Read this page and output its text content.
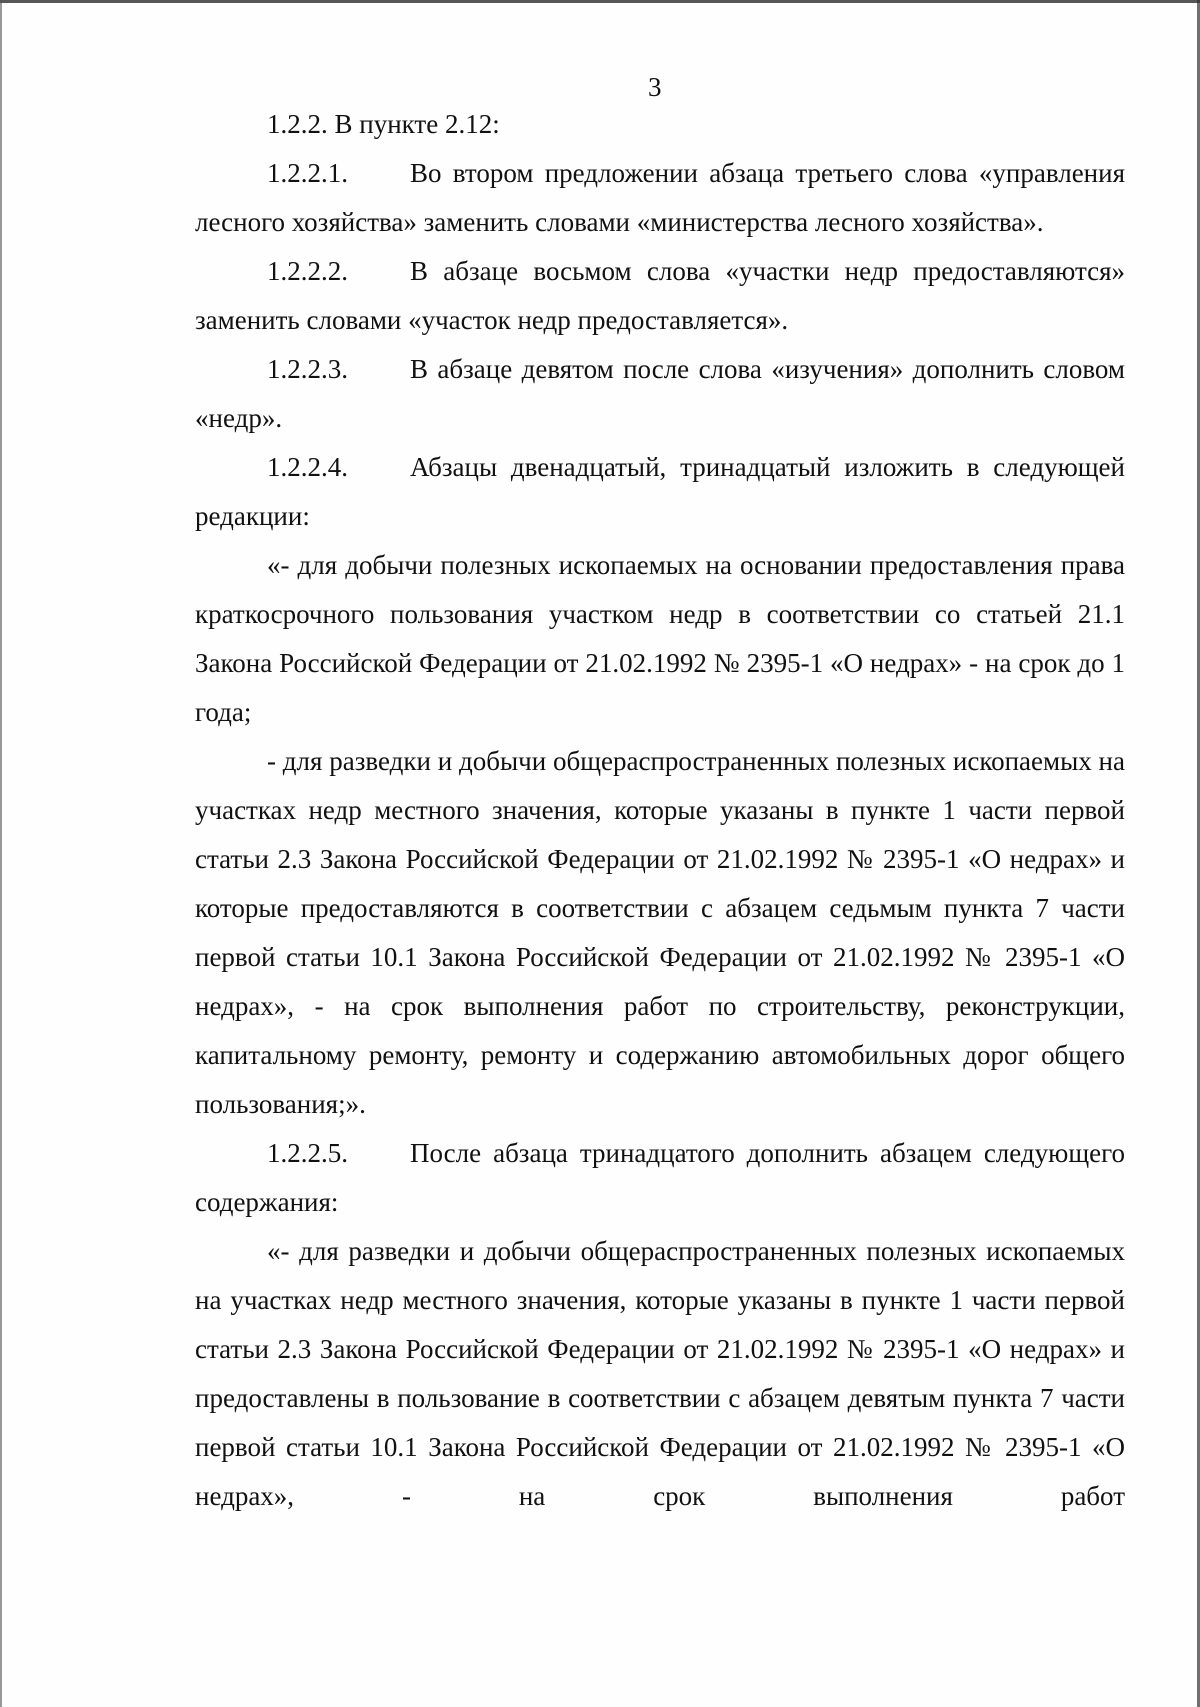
3

1.2.2. В пункте 2.12:

1.2.2.1. Во втором предложении абзаца третьего слова «управления лесного хозяйства» заменить словами «министерства лесного хозяйства».

1.2.2.2. В абзаце восьмом слова «участки недр предоставляются» заменить словами «участок недр предоставляется».

1.2.2.3. В абзаце девятом после слова «изучения» дополнить словом «недр».

1.2.2.4. Абзацы двенадцатый, тринадцатый изложить в следующей редакции:

«- для добычи полезных ископаемых на основании предоставления права краткосрочного пользования участком недр в соответствии со статьей 21.1 Закона Российской Федерации от 21.02.1992 № 2395-1 «О недрах» - на срок до 1 года;

- для разведки и добычи общераспространенных полезных ископаемых на участках недр местного значения, которые указаны в пункте 1 части первой статьи 2.3 Закона Российской Федерации от 21.02.1992 № 2395-1 «О недрах» и которые предоставляются в соответствии с абзацем седьмым пункта 7 части первой статьи 10.1 Закона Российской Федерации от 21.02.1992 № 2395-1 «О недрах», - на срок выполнения работ по строительству, реконструкции, капитальному ремонту, ремонту и содержанию автомобильных дорог общего пользования;».

1.2.2.5. После абзаца тринадцатого дополнить абзацем следующего содержания:

«- для разведки и добычи общераспространенных полезных ископаемых на участках недр местного значения, которые указаны в пункте 1 части первой статьи 2.3 Закона Российской Федерации от 21.02.1992 № 2395-1 «О недрах» и предоставлены в пользование в соответствии с абзацем девятым пункта 7 части первой статьи 10.1 Закона Российской Федерации от 21.02.1992 № 2395-1 «О недрах», - на срок выполнения работ
